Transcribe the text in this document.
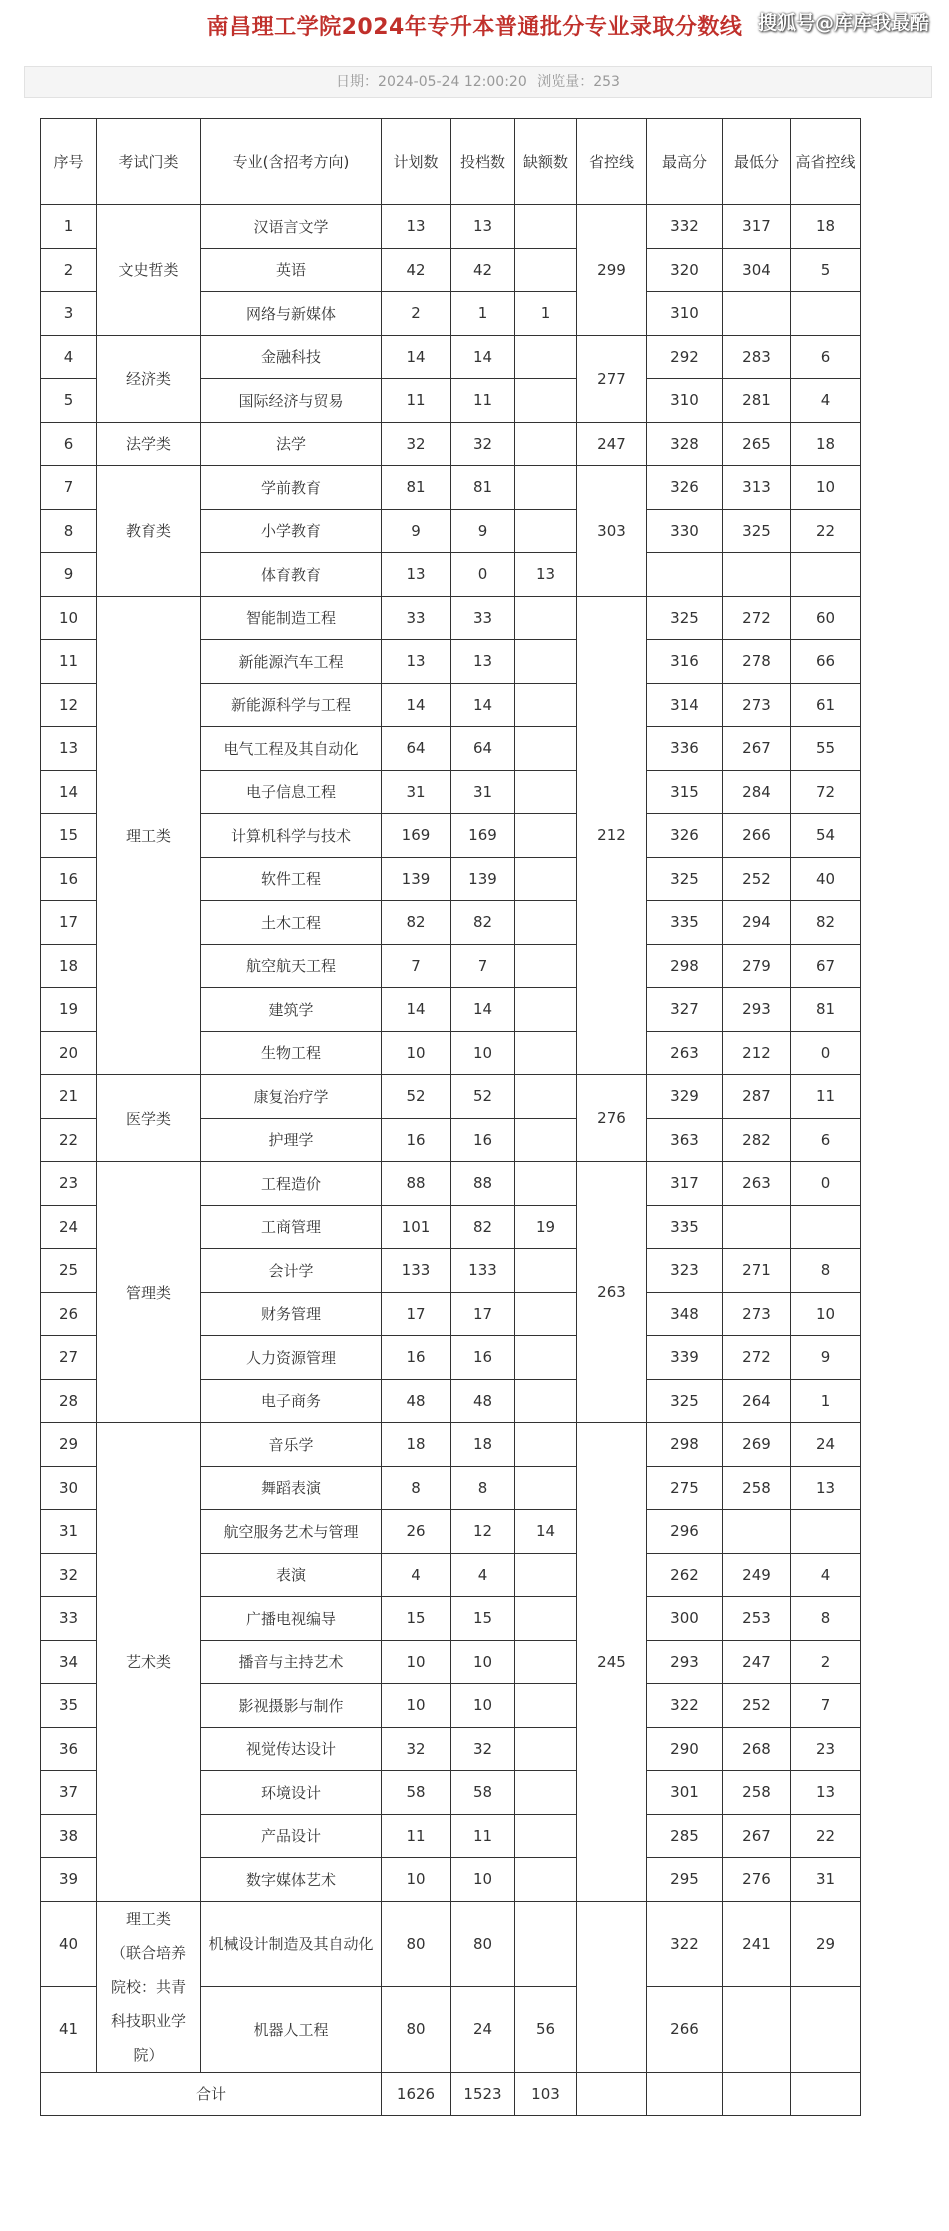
南昌理工学院2024年专升本普通批分专业录取分数线 搜狐号@库库我最酷
日期：2024-05-24 12:00:20 浏览量：253
序号	考试门类	专业(含招考方向)	计划数	投档数	缺额数	省控线	最高分	最低分	高省控线
1	文史哲类	汉语言文学	13	13		299	332	317	18
2		英语	42	42			320	304	5
3		网络与新媒体	2	1	1		310		
4	经济类	金融科技	14	14		277	292	283	6
5		国际经济与贸易	11	11			310	281	4
6	法学类	法学	32	32		247	328	265	18
7	教育类	学前教育	81	81		303	326	313	10
8		小学教育	9	9			330	325	22
9		体育教育	13	0	13				
10	理工类	智能制造工程	33	33		212	325	272	60
11		新能源汽车工程	13	13			316	278	66
12		新能源科学与工程	14	14			314	273	61
13		电气工程及其自动化	64	64			336	267	55
14		电子信息工程	31	31			315	284	72
15		计算机科学与技术	169	169			326	266	54
16		软件工程	139	139			325	252	40
17		土木工程	82	82			335	294	82
18		航空航天工程	7	7			298	279	67
19		建筑学	14	14			327	293	81
20		生物工程	10	10			263	212	0
21	医学类	康复治疗学	52	52		276	329	287	11
22		护理学	16	16			363	282	6
23	管理类	工程造价	88	88		263	317	263	0
24		工商管理	101	82	19		335		
25		会计学	133	133			323	271	8
26		财务管理	17	17			348	273	10
27		人力资源管理	16	16			339	272	9
28		电子商务	48	48			325	264	1
29	艺术类	音乐学	18	18		245	298	269	24
30		舞蹈表演	8	8			275	258	13
31		航空服务艺术与管理	26	12	14		296		
32		表演	4	4			262	249	4
33		广播电视编导	15	15			300	253	8
34		播音与主持艺术	10	10			293	247	2
35		影视摄影与制作	10	10			322	252	7
36		视觉传达设计	32	32			290	268	23
37		环境设计	58	58			301	258	13
38		产品设计	11	11			285	267	22
39		数字媒体艺术	10	10			295	276	31
40	理工类
（联合培养
院校：共青
科技职业学
院）	机械设计制造及其自动化	80	80			322	241	29
41		机器人工程	80	24	56		266		
合计			1626	1523	103				
